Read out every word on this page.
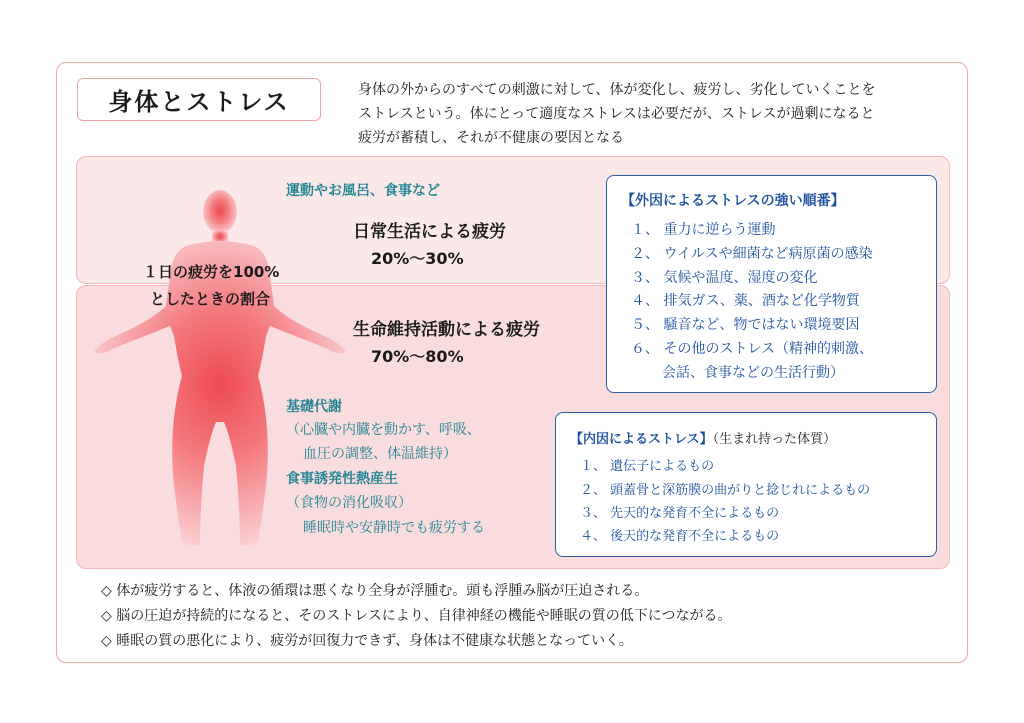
身体とストレス	身体の外からのすべての刺激に対して、体が変化し、疲労し、劣化していくことを
ストレスという。体にとって適度なストレスは必要だが、ストレスが過剰になると
疲労が蓄積し、それが不健康の要因となる
１日の疲労を100%
としたときの割合
運動やお風呂、食事など
日常生活による疲労
20%〜30%
生命維持活動による疲労
70%〜80%
基礎代謝
（心臓や内臓を動かす、呼吸、
血圧の調整、体温維持）
食事誘発性熱産生
（食物の消化吸収）
睡眠時や安静時でも疲労する
【外因によるストレスの強い順番】
１、 重力に逆らう運動
２、 ウイルスや細菌など病原菌の感染
３、 気候や温度、湿度の変化
４、 排気ガス、薬、酒など化学物質
５、 騒音など、物ではない環境要因
６、 その他のストレス（精神的刺激、
会話、食事などの生活行動）
【内因によるストレス】（生まれ持った体質）
１、 遺伝子によるもの
２、 頭蓋骨と深筋膜の曲がりと捻じれによるもの
３、 先天的な発育不全によるもの
４、 後天的な発育不全によるもの
◇ 体が疲労すると、体液の循環は悪くなり全身が浮腫む。頭も浮腫み脳が圧迫される。
◇ 脳の圧迫が持続的になると、そのストレスにより、自律神経の機能や睡眠の質の低下につながる。
◇ 睡眠の質の悪化により、疲労が回復力できず、身体は不健康な状態となっていく。
